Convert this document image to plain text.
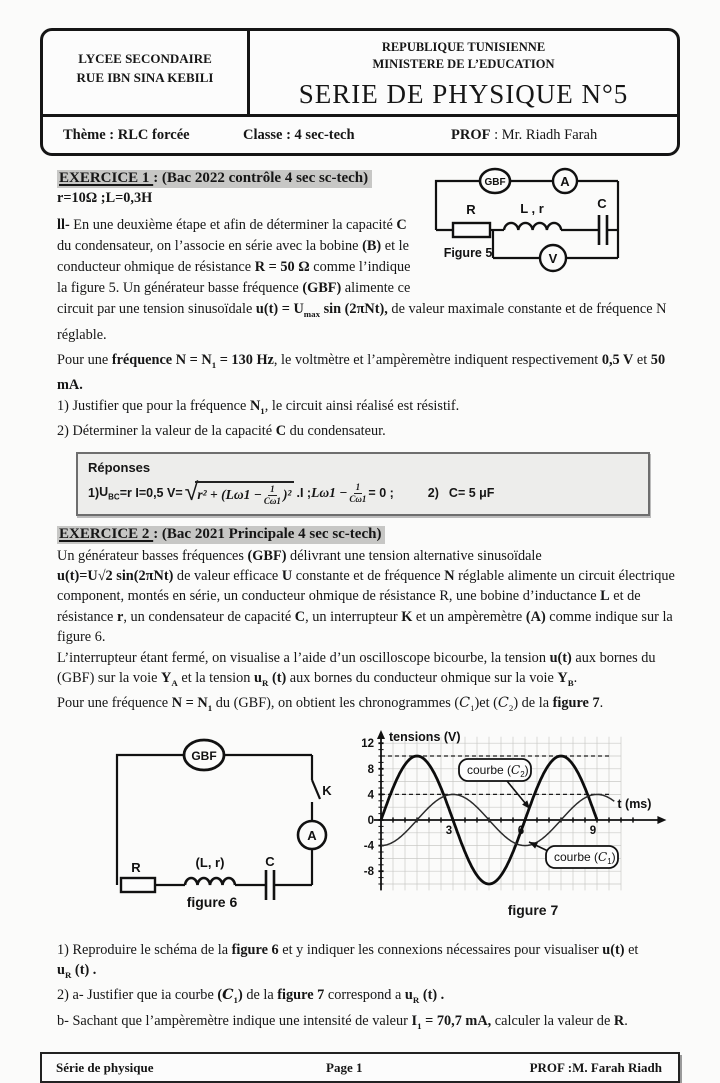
LYCEE SECONDAIRE
RUE IBN SINA KEBILI
REPUBLIQUE TUNISIENNE
MINISTERE DE L’EDUCATION
SERIE DE PHYSIQUE N°5
Thème : RLC forcée	Classe : 4 sec-tech	PROF : Mr. Riadh Farah
EXERCICE 1 : (Bac 2022 contrôle 4 sec sc-tech)	GBF	A
R	L , r	C
V
Figure 5
r=10Ω ;L=0,3H
ll- En une deuxième étape et afin de déterminer la capacité C du condensateur, on l’associe en série avec la bobine (B) et le conducteur ohmique de résistance R = 50 Ω comme l’indique la figure 5. Un générateur basse fréquence (GBF) alimente ce circuit par une tension sinusoïdale $u(t) = U_{max}$ sin (2πNt), de valeur maximale constante et de fréquence N réglable.
Pour une fréquence $N = N_1 = 130$ Hz, le voltmètre et l’ampèremètre indiquent respectivement 0,5 V et 50 mA.
1) Justifier que pour la fréquence $N_1$, le circuit ainsi réalisé est résistif.
2) Déterminer la valeur de la capacité C du condensateur.
Réponses
1) $U_{BC} =r$ I=0,5 V= √ $r^2 + (L\omega 1 - \frac{1}{C\omega 1} )^2$ .I ; $L\omega 1 - \frac{1}{C\omega 1} = 0$ ;	2) C= 5 μF
EXERCICE 2 : (Bac 2021 Principale 4 sec sc-tech)
Un générateur basses fréquences (GBF) délivrant une tension alternative sinusoïdale
u(t)=U√2 sin(2πNt) de valeur efficace U constante et de fréquence N réglable alimente un circuit électrique component, montés en série, un conducteur ohmique de résistance R, une bobine d’inductance L et de résistance r, un condensateur de capacité C, un interrupteur K et un ampèremètre (A) comme indique sur la figure 6.
L’interrupteur étant fermé, on visualise a l’aide d’un oscilloscope bicourbe, la tension u(t) aux bornes du (GBF) sur la voie $Y_A$ et la tension $u_R$ (t) aux bornes du conducteur ohmique sur la voie $Y_B$.
Pour une fréquence $N = N_1$ du (GBF), on obtient les chronogrammes $(C_1)et$ $(C_2)$ de la figure 7.
GBF
K
A
R	(L, r)	C
figure 6
3	6	9
-8
-4
0
4
8
12
tensions (V)
t (ms)
courbe $(C_2)$
courbe $(C_1)$
figure 7
1) Reproduire le schéma de la figure 6 et y indiquer les connexions nécessaires pour visualiser u(t) et
$u_R$ (t) .
2) a- Justifier que ia courbe $(C_1)$ de la figure 7 correspond a $u_R$ (t) .
b- Sachant que l’ampèremètre indique une intensité de valeur $I_1 = 70,7$ mA, calculer la valeur de R.
Série de physique	Page 1	PROF :M. Farah Riadh
